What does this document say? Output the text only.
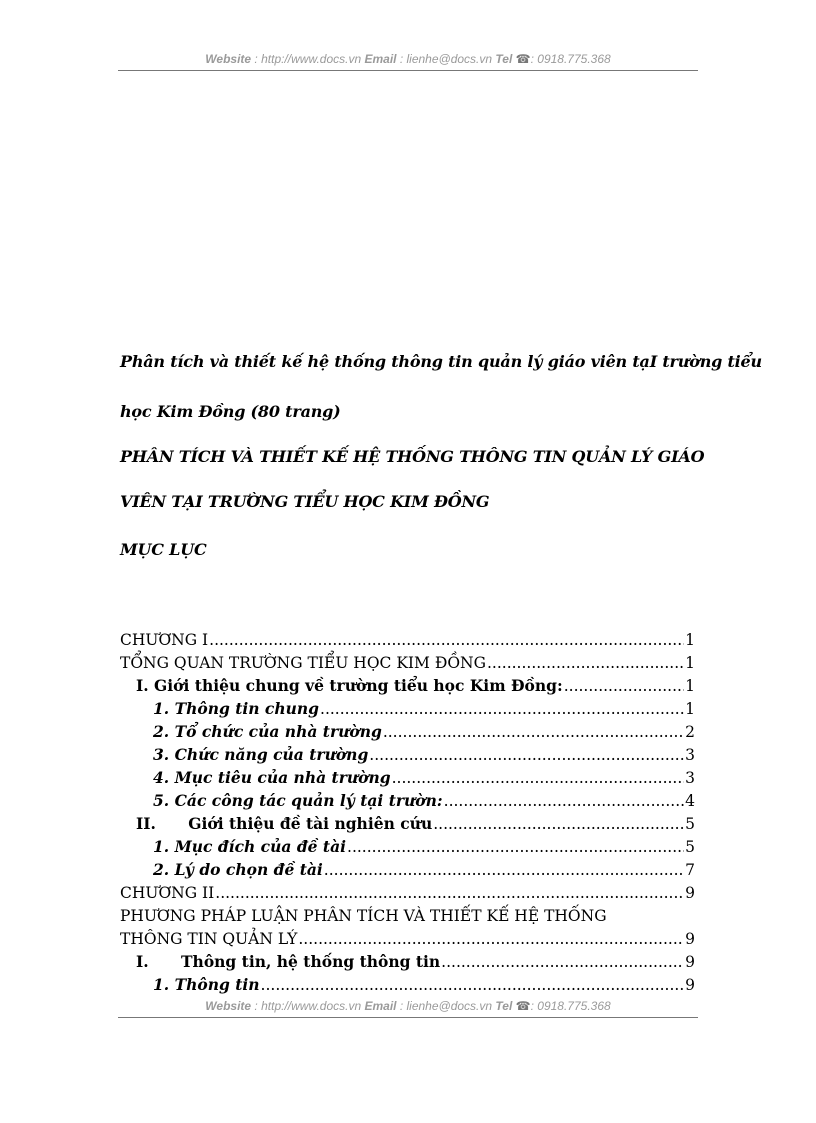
Website : http://www.docs.vn Email : lienhe@docs.vn Tel ☎: 0918.775.368
Phân tích và thiết kế hệ thống thông tin quản lý giáo viên tạI trường tiểu
học Kim Đồng (80 trang)
PHÂN TÍCH VÀ THIẾT KẾ HỆ THỐNG THÔNG TIN QUẢN LÝ GIÁO
VIÊN TẠI TRƯỜNG TIỂU HỌC KIM ĐỒNG
MỤC LỤC
CHƯƠNG I .....	1
TỔNG QUAN TRƯỜNG TIỂU HỌC KIM ĐỒNG .....	1
I. Giới thiệu chung về trường tiểu học Kim Đồng: .....	1
1. Thông tin chung .....	1
2. Tổ chức của nhà trường .....	2
3. Chức năng của trường .....	3
4. Mục tiêu của nhà trường .....	3
5. Các công tác quản lý tại trườn: .....	4
II.      Giới thiệu đề tài nghiên cứu .....	5
1. Mục đích của đề tài .....	5
2. Lý do chọn đề tài .....	7
CHƯƠNG II .....	9
PHƯƠNG PHÁP LUẬN PHÂN TÍCH VÀ THIẾT KẾ HỆ THỐNG
THÔNG TIN QUẢN LÝ .....	9
I.      Thông tin, hệ thống thông tin .....	9
1. Thông tin .....	9
Website : http://www.docs.vn Email : lienhe@docs.vn Tel ☎: 0918.775.368
